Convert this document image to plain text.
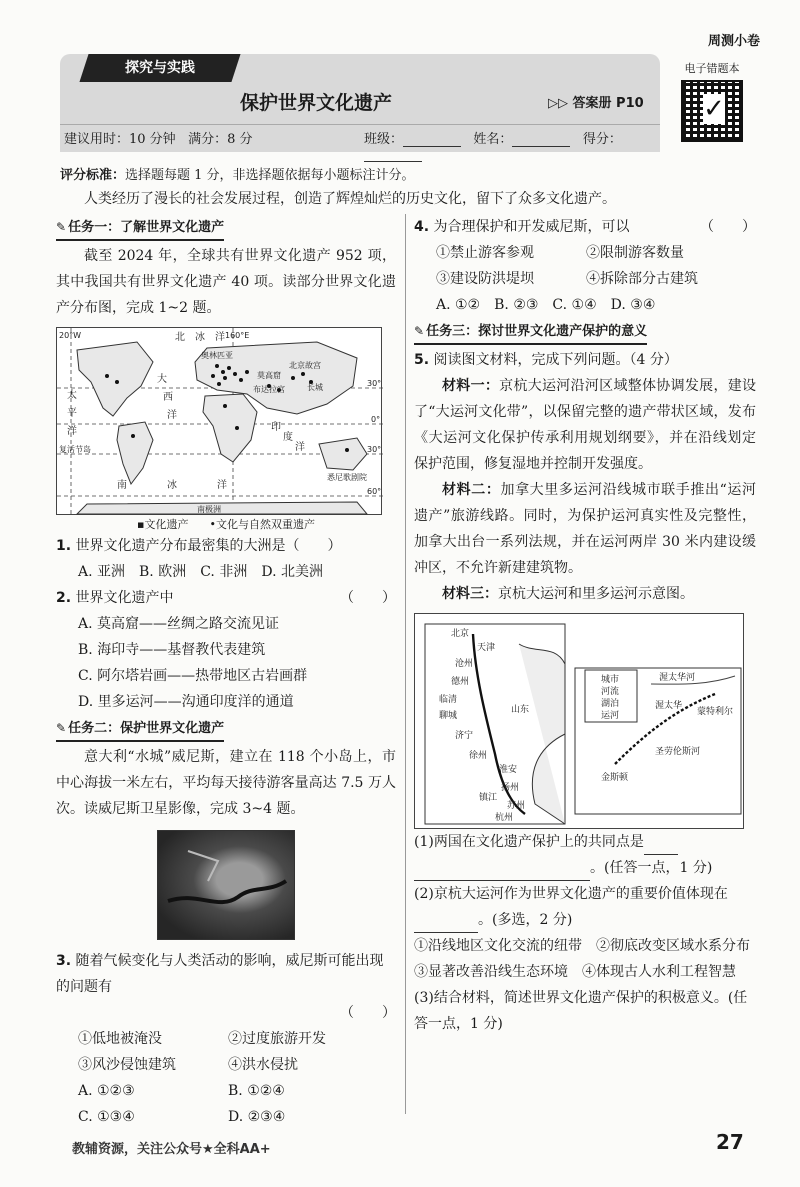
周测小卷
探究与实践
保护世界文化遗产	▷▷ 答案册 P10
建议用时：10 分钟 满分：8 分	班级：	姓名：	得分：
电子错题本
✓
评分标准：选择题每题 1 分，非选择题依据每小题标注计分。
人类经历了漫长的社会发展过程，创造了辉煌灿烂的历史文化，留下了众多文化遗产。
✎ 任务一：了解世界文化遗产

截至 2024 年，全球共有世界文化遗产 952 项，其中我国共有世界文化遗产 40 项。读部分世界文化遗产分布图，完成 1~2 题。

北 冰 洋
大
西
洋
太
平
洋	印
度
洋
南	冰	洋
20°W	160°E
奥林匹亚
布达拉宫
北京故宫
长城
莫高窟
悉尼歌剧院
复活节岛
南极洲
30°
0°
30°
60°
▪文化遗产 •文化与自然双重遗产
1. 世界文化遗产分布最密集的大洲是（　　）
A. 亚洲 B. 欧洲 C. 非洲 D. 北美洲
2. 世界文化遗产中	（　　）
A. 莫高窟——丝绸之路交流见证
B. 海印寺——基督教代表建筑
C. 阿尔塔岩画——热带地区古岩画群
D. 里多运河——沟通印度洋的通道
✎ 任务二：保护世界文化遗产

意大利“水城”威尼斯，建立在 118 个小岛上，市中心海拔一米左右，平均每天接待游客量高达 7.5 万人次。读威尼斯卫星影像，完成 3~4 题。

3. 随着气候变化与人类活动的影响，威尼斯可能出现的问题有
（　　）
①低地被淹没	②过度旅游开发
③风沙侵蚀建筑	④洪水侵扰
A. ①②③	B. ①②④
C. ①③④	D. ②③④
4. 为合理保护和开发威尼斯，可以	（　　）
①禁止游客参观	②限制游客数量
③建设防洪堤坝	④拆除部分古建筑
A. ①② B. ②③ C. ①④ D. ③④
✎ 任务三：探讨世界文化遗产保护的意义
5. 阅读图文材料，完成下列问题。（4 分）

材料一：京杭大运河沿河区域整体协调发展，建设了“大运河文化带”，以保留完整的遗产带状区域，发布《大运河文化保护传承利用规划纲要》，并在沿线划定保护范围，修复湿地并控制开发强度。

材料二：加拿大里多运河沿线城市联手推出“运河遗产”旅游线路。同时，为保护运河真实性及完整性，加拿大出台一系列法规，并在运河两岸 30 米内建设缓冲区，不允许新建建筑物。

材料三：京杭大运河和里多运河示意图。

北京
天津
沧州
德州
临清
聊城
济宁
徐州
淮安
扬州
镇江
苏州
杭州
山东
城市
河流
湖泊
运河
渥太华河
渥太华
蒙特利尔
圣劳伦斯河
金斯顿
(1)两国在文化遗产保护上的共同点是
。(任答一点，1 分)
(2)京杭大运河作为世界文化遗产的重要价值体现在。(多选，2 分)
①沿线地区文化交流的纽带　②彻底改变区域水系分布　③显著改善沿线生态环境　④体现古人水利工程智慧
(3)结合材料，简述世界文化遗产保护的积极意义。(任答一点，1 分)
教辅资源，关注公众号★全科AA+	27
